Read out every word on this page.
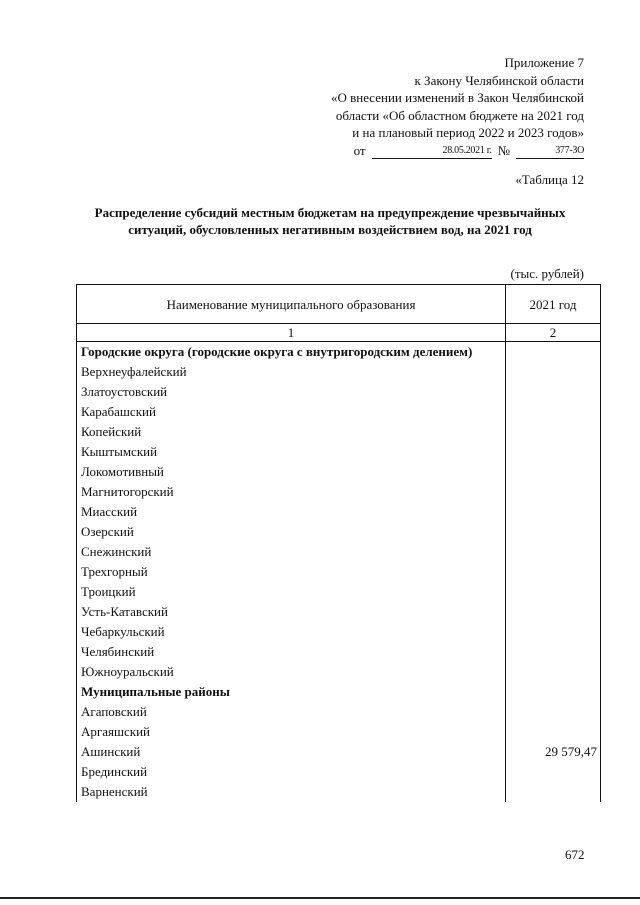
Приложение 7
к Закону Челябинской области
«О внесении изменений в Закон Челябинской
области «Об областном бюджете на 2021 год
и на плановый период 2022 и 2023 годов»
от	28.05.2021 г. №	377-ЗО
«Таблица 12
Распределение субсидий местным бюджетам на предупреждение чрезвычайных ситуаций, обусловленных негативным воздействием вод, на 2021 год
(тыс. рублей)
Наименование муниципального образования	2021 год
1	2
Городские округа (городские округа с внутригородским делением)	
Верхнеуфалейский	
Златоустовский	
Карабашский	
Копейский	
Кыштымский	
Локомотивный	
Магнитогорский	
Миасский	
Озерский	
Снежинский	
Трехгорный	
Троицкий	
Усть-Катавский	
Чебаркульский	
Челябинский	
Южноуральский	
Муниципальные районы	
Агаповский	
Аргаяшский	
Ашинский	29 579,47
Брединский	
Варненский	
672
